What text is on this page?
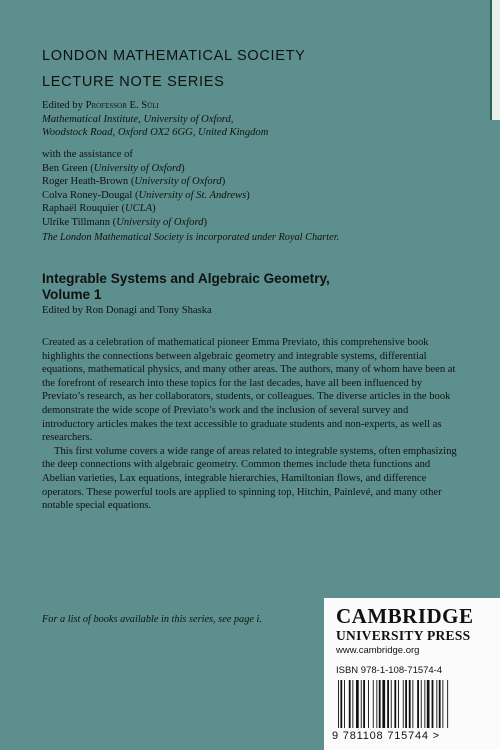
LONDON MATHEMATICAL SOCIETY
LECTURE NOTE SERIES
Edited by Professor E. Süli
Mathematical Institute, University of Oxford,
Woodstock Road, Oxford OX2 6GG, United Kingdom
with the assistance of
Ben Green (University of Oxford)
Roger Heath-Brown (University of Oxford)
Colva Roney-Dougal (University of St. Andrews)
Raphaël Rouquier (UCLA)
Ulrike Tillmann (University of Oxford)
The London Mathematical Society is incorporated under Royal Charter.
Integrable Systems and Algebraic Geometry,
Volume 1
Edited by Ron Donagi and Tony Shaska

Created as a celebration of mathematical pioneer Emma Previato, this comprehensive book highlights the connections between algebraic geometry and integrable systems, differential equations, mathematical physics, and many other areas. The authors, many of whom have been at the forefront of research into these topics for the last decades, have all been influenced by Previato’s research, as her collaborators, students, or colleagues. The diverse articles in the book demonstrate the wide scope of Previato’s work and the inclusion of several survey and introductory articles makes the text accessible to graduate students and non-experts, as well as researchers.

This first volume covers a wide range of areas related to integrable systems, often emphasizing the deep connections with algebraic geometry. Common themes include theta functions and Abelian varieties, Lax equations, integrable hierarchies, Hamiltonian flows, and difference operators. These powerful tools are applied to spinning top, Hitchin, Painlevé, and many other notable special equations.

For a list of books available in this series, see page i.	CAMBRIDGE
UNIVERSITY PRESS
www.cambridge.org
ISBN 978-1-108-71574-4
9 781108 715744 >
